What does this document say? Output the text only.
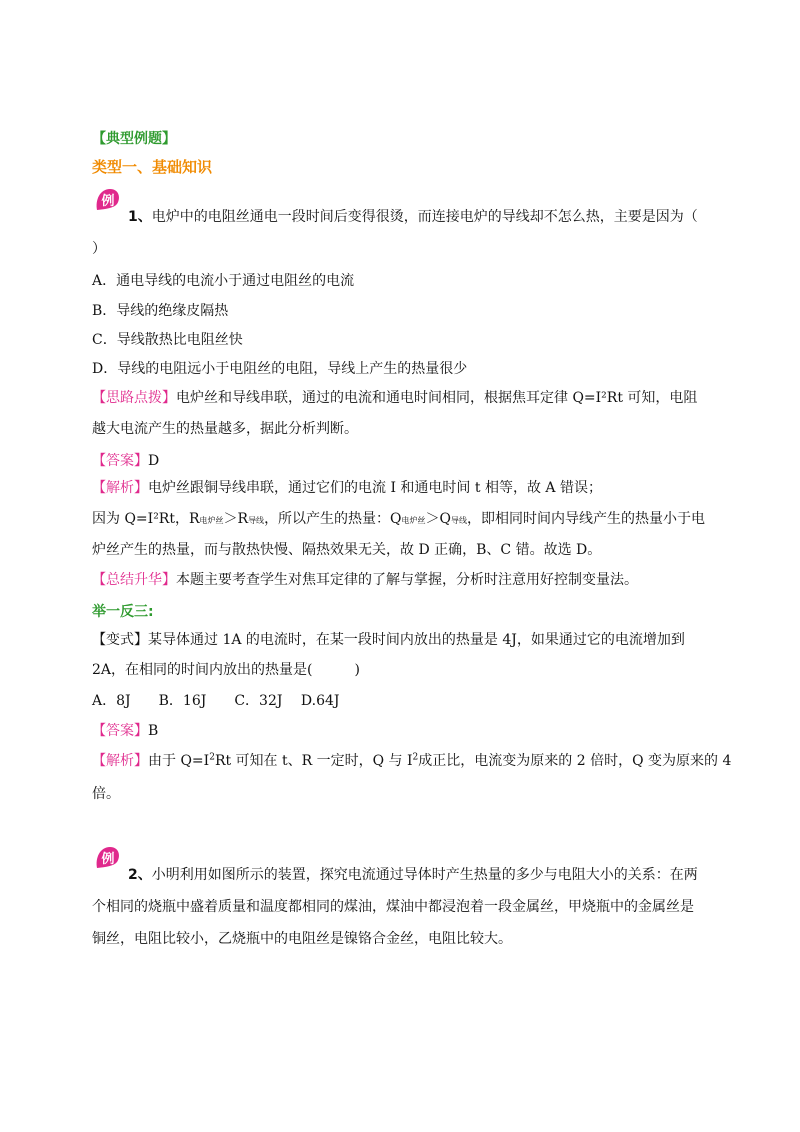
【典型例题】
类型一、基础知识
例
1、电炉中的电阻丝通电一段时间后变得很烫，而连接电炉的导线却不怎么热，主要是因为（
）
A．通电导线的电流小于通过电阻丝的电流
B．导线的绝缘皮隔热
C．导线散热比电阻丝快
D．导线的电阻远小于电阻丝的电阻，导线上产生的热量很少
【思路点拨】电炉丝和导线串联，通过的电流和通电时间相同，根据焦耳定律 Q=I²Rt 可知，电阻
越大电流产生的热量越多，据此分析判断。
【答案】D
【解析】电炉丝跟铜导线串联，通过它们的电流 I 和通电时间 t 相等，故 A 错误；
因为 Q=I²Rt，R电炉丝＞R导线，所以产生的热量：Q电炉丝＞Q导线，即相同时间内导线产生的热量小于电
炉丝产生的热量，而与散热快慢、隔热效果无关，故 D 正确，B、C 错。故选 D。
【总结升华】本题主要考查学生对焦耳定律的了解与掌握，分析时注意用好控制变量法。
举一反三:
【变式】某导体通过 1A 的电流时，在某一段时间内放出的热量是 4J，如果通过它的电流增加到
2A，在相同的时间内放出的热量是(　　　)
A．8J　　B．16J　　C．32J　 D.64J
【答案】B
【解析】由于 $Q=I^2Rt$ 可知在 t、R 一定时，Q 与 $I^2$成正比，电流变为原来的 2 倍时，Q 变为原来的 4
倍。
例
2、小明利用如图所示的装置，探究电流通过导体时产生热量的多少与电阻大小的关系：在两
个相同的烧瓶中盛着质量和温度都相同的煤油，煤油中都浸泡着一段金属丝，甲烧瓶中的金属丝是
铜丝，电阻比较小，乙烧瓶中的电阻丝是镍铬合金丝，电阻比较大。
